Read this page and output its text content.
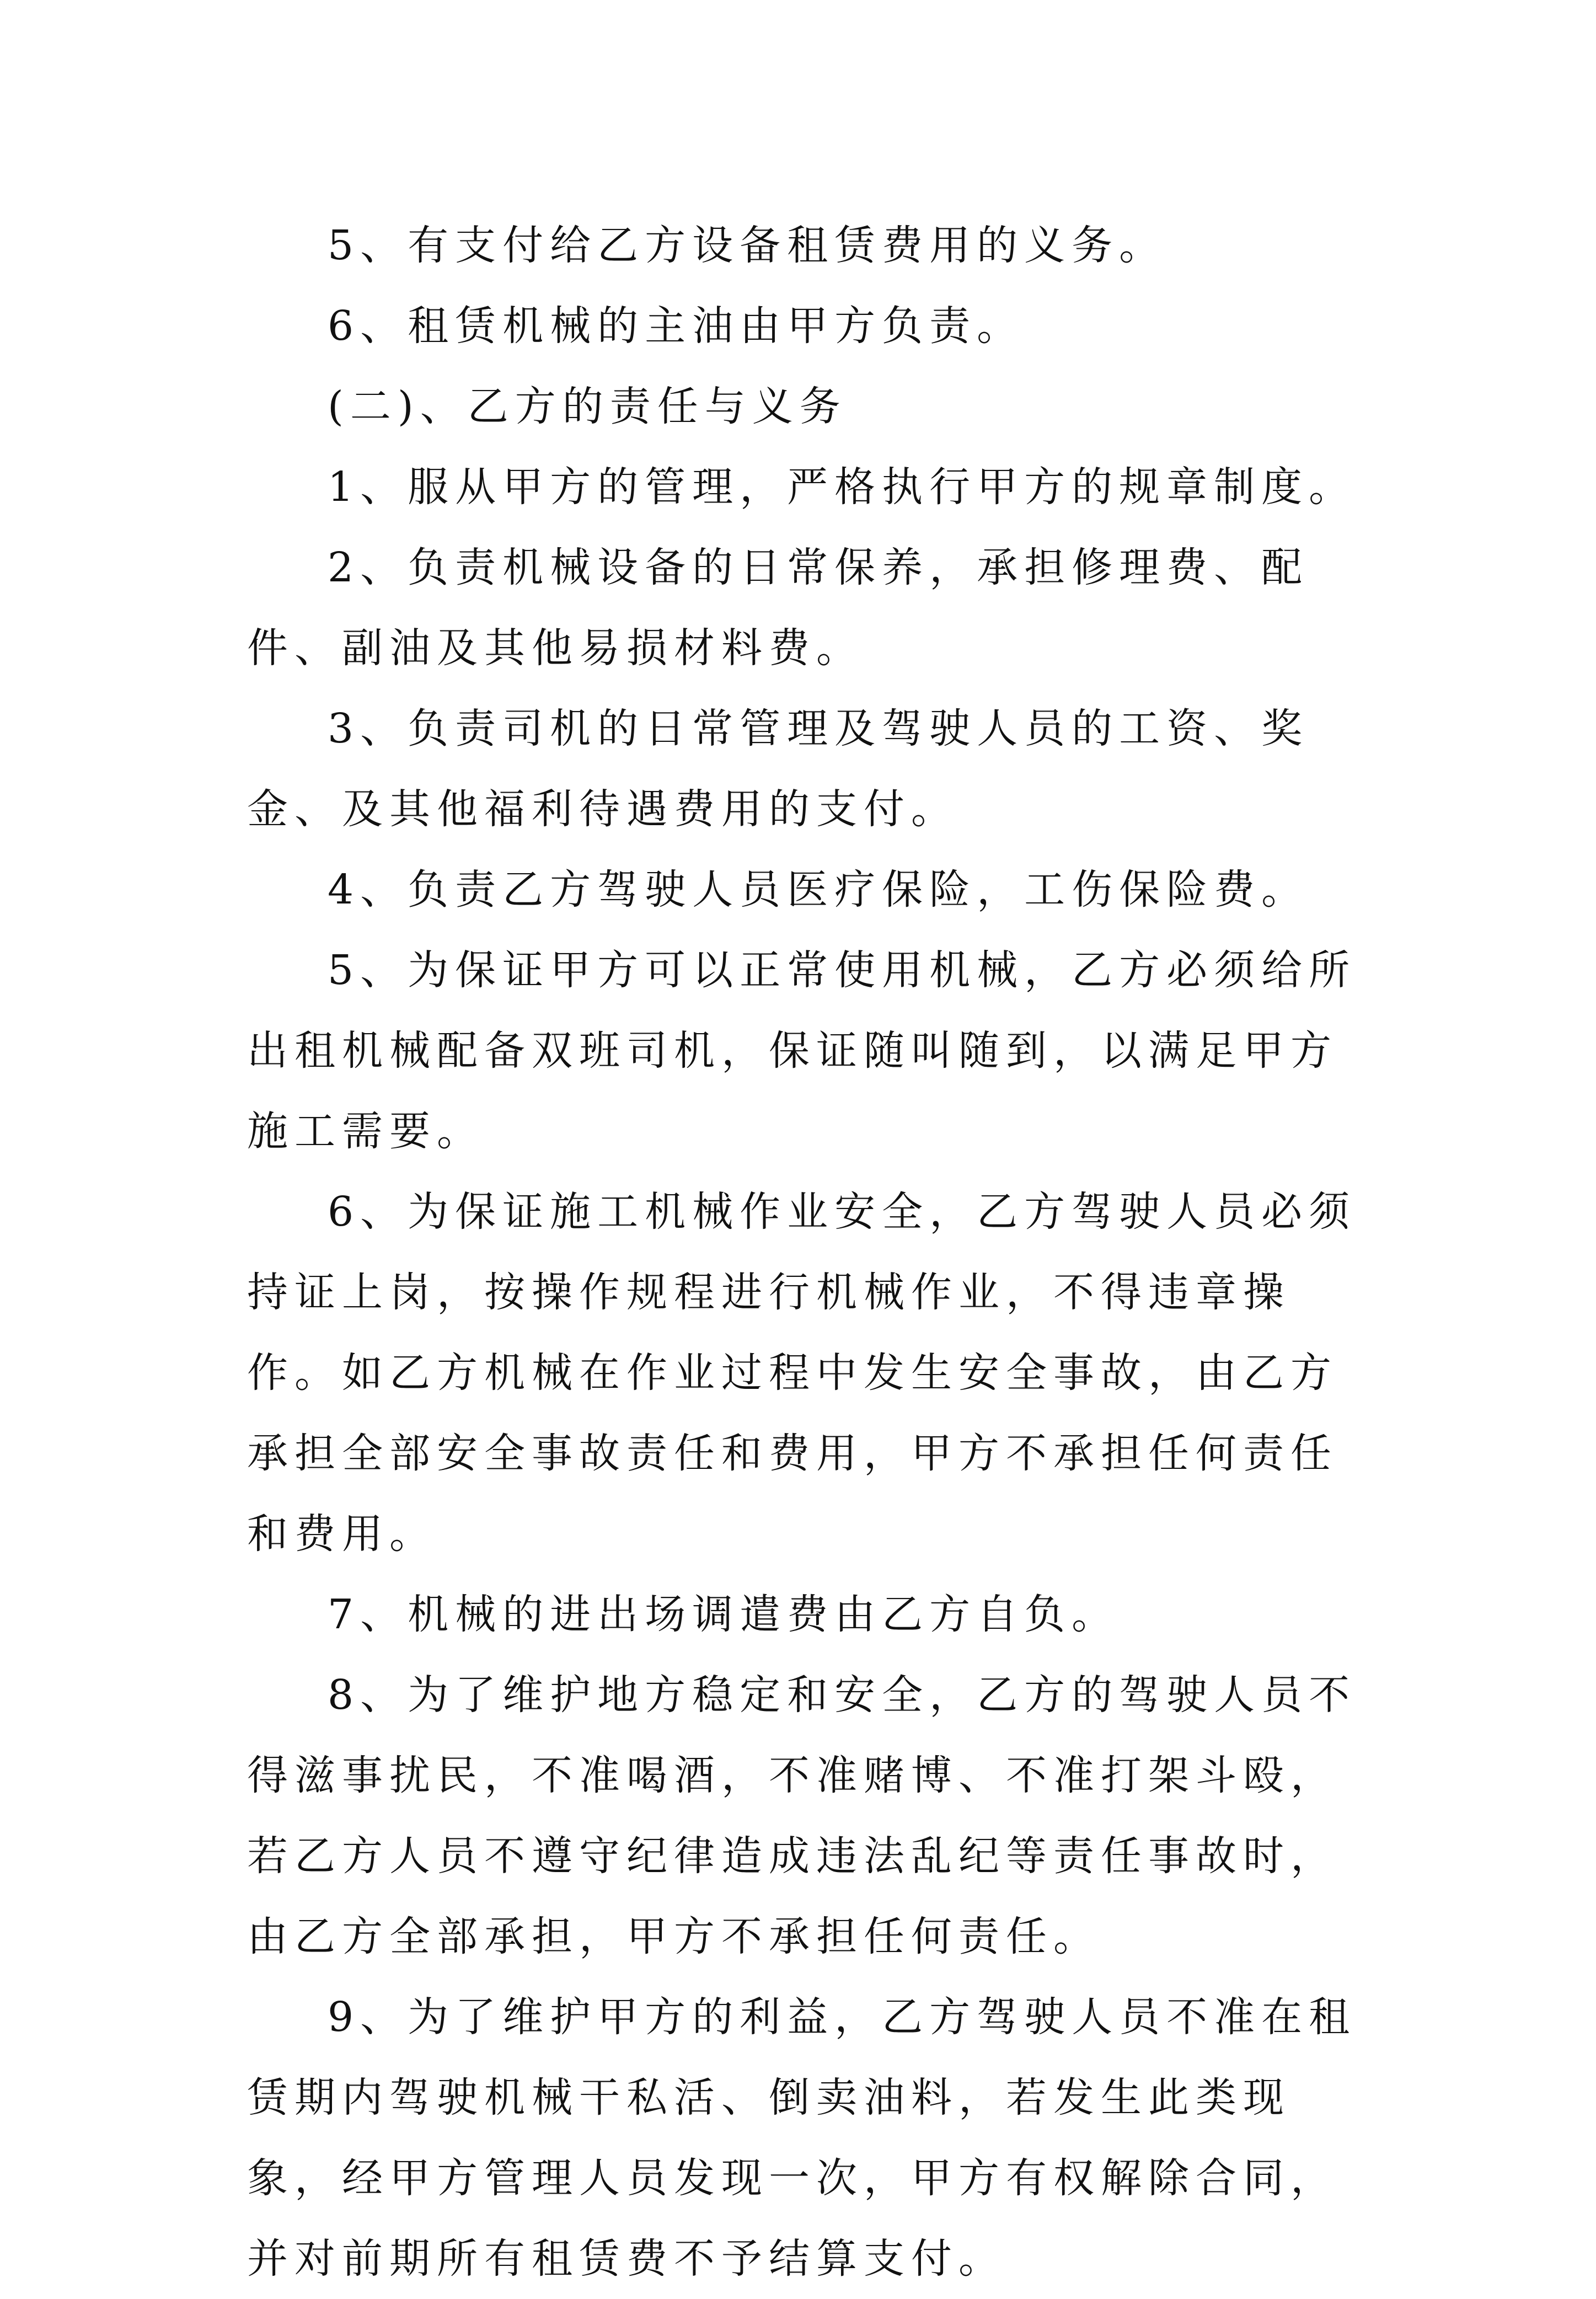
5、有支付给乙方设备租赁费用的义务。

6、租赁机械的主油由甲方负责。

(二)、乙方的责任与义务

1、服从甲方的管理，严格执行甲方的规章制度。

2、负责机械设备的日常保养，承担修理费、配件、副油及其他易损材料费。

3、负责司机的日常管理及驾驶人员的工资、奖金、及其他福利待遇费用的支付。

4、负责乙方驾驶人员医疗保险，工伤保险费。

5、为保证甲方可以正常使用机械，乙方必须给所出租机械配备双班司机，保证随叫随到，以满足甲方施工需要。

6、为保证施工机械作业安全，乙方驾驶人员必须持证上岗，按操作规程进行机械作业，不得违章操作。如乙方机械在作业过程中发生安全事故，由乙方承担全部安全事故责任和费用，甲方不承担任何责任和费用。

7、机械的进出场调遣费由乙方自负。

8、为了维护地方稳定和安全，乙方的驾驶人员不得滋事扰民，不准喝酒，不准赌博、不准打架斗殴，若乙方人员不遵守纪律造成违法乱纪等责任事故时，由乙方全部承担，甲方不承担任何责任。

9、为了维护甲方的利益，乙方驾驶人员不准在租赁期内驾驶机械干私活、倒卖油料，若发生此类现象，经甲方管理人员发现一次，甲方有权解除合同，并对前期所有租赁费不予结算支付。
